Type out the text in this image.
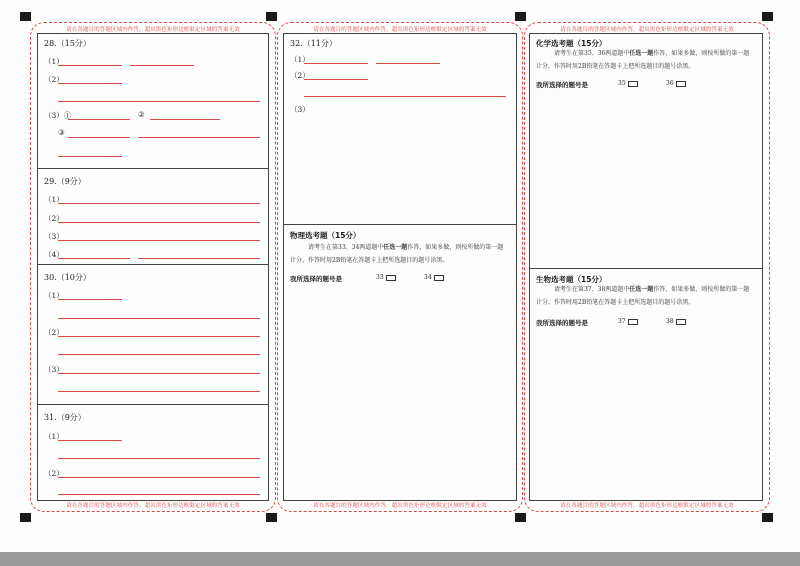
请在各题目的答题区域内作答，超出黑色矩形边框限定区域的答案无效
请在各题目的答题区域内作答，超出黑色矩形边框限定区域的答案无效
28.（15分）
（1）
（2）
（3）①	②
③
29.（9分）
（1）
（2）
（3）
（4）
30.（10分）
（1）
（2）
（3）
31.（9分）
（1）
（2）
请在各题目的答题区域内作答，超出黑色矩形边框限定区域的答案无效
请在各题目的答题区域内作答，超出黑色矩形边框限定区域的答案无效
32.（11分）
（1）
（2）
（3）
物理选考题（15分）
请考生在第33、34两道题中任选一题作答，如果多做，则按所做的第一题计分。作答时用2B铅笔在答题卡上把所选题目的题号涂黑。
我所选择的题号是	33	34
请在各题目的答题区域内作答，超出黑色矩形边框限定区域的答案无效
请在各题目的答题区域内作答，超出黑色矩形边框限定区域的答案无效
化学选考题（15分）
请考生在第35、36两道题中任选一题作答，如果多做，则按所做的第一题计分。作答时用2B铅笔在答题卡上把所选题目的题号涂黑。
我所选择的题号是	35	36
生物选考题（15分）
请考生在第37、38两道题中任选一题作答，如果多做，则按所做的第一题计分。作答时用2B铅笔在答题卡上把所选题目的题号涂黑。
我所选择的题号是	37	38
